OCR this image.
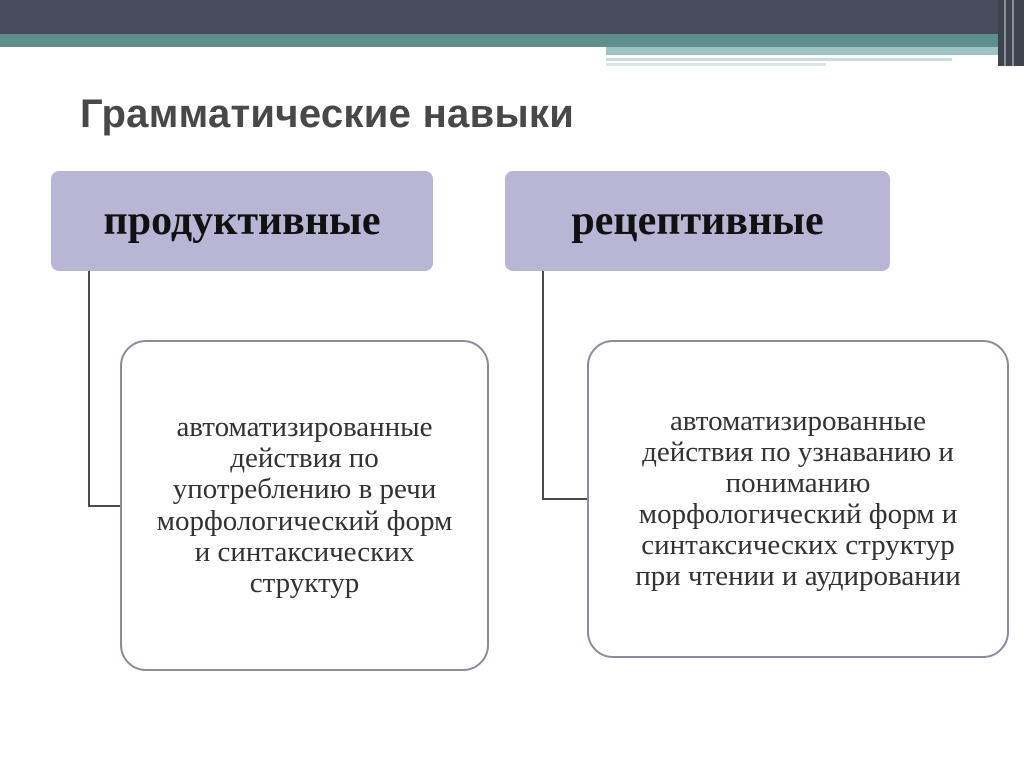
Грамматические навыки
продуктивные

автоматизированные
действия по
употреблению в речи
морфологический форм
и синтаксических
структур

рецептивные

автоматизированные
действия по узнаванию и
пониманию
морфологический форм и
синтаксических структур
при чтении и аудировании
